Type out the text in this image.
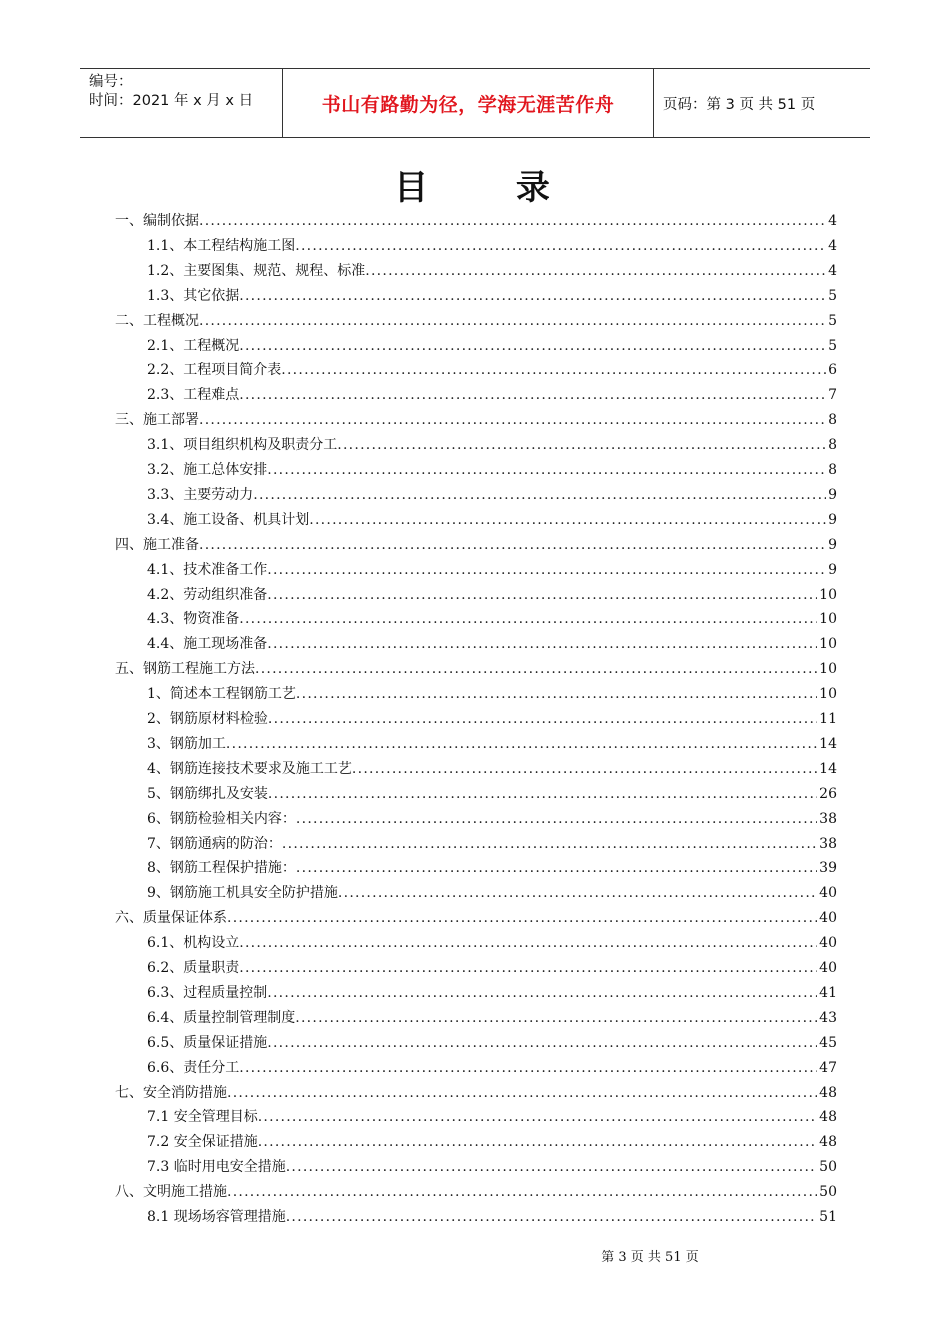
编号：
时间：2021 年 x 月 x 日	书山有路勤为径，学海无涯苦作舟	页码：第 3 页 共 51 页
目 录
一、编制依据 . . .	4
1.1、本工程结构施工图 . . .	4
1.2、主要图集、规范、规程、标准 . . .	4
1.3、其它依据 . . .	5
二、工程概况 . . .	5
2.1、工程概况 . . .	5
2.2、工程项目简介表 . . .	6
2.3、工程难点 . . .	7
三、施工部署 . . .	8
3.1、项目组织机构及职责分工 . . .	8
3.2、施工总体安排 . . .	8
3.3、主要劳动力 . . .	9
3.4、施工设备、机具计划 . . .	9
四、施工准备 . . .	9
4.1、技术准备工作 . . .	9
4.2、劳动组织准备 . . .	10
4.3、物资准备 . . .	10
4.4、施工现场准备 . . .	10
五、钢筋工程施工方法 . . .	10
1、简述本工程钢筋工艺 . . .	10
2、钢筋原材料检验 . . .	11
3、钢筋加工 . . .	14
4、钢筋连接技术要求及施工工艺 . . .	14
5、钢筋绑扎及安装 . . .	26
6、钢筋检验相关内容： . . .	38
7、钢筋通病的防治： . . .	38
8、钢筋工程保护措施： . . .	39
9、钢筋施工机具安全防护措施 . . .	40
六、质量保证体系 . . .	40
6.1、机构设立 . . .	40
6.2、质量职责 . . .	40
6.3、过程质量控制 . . .	41
6.4、质量控制管理制度 . . .	43
6.5、质量保证措施 . . .	45
6.6、责任分工 . . .	47
七、安全消防措施 . . .	48
7.1 安全管理目标 . . .	48
7.2 安全保证措施 . . .	48
7.3 临时用电安全措施 . . .	50
八、文明施工措施 . . .	50
8.1 现场场容管理措施 . . .	51
第 3 页 共 51 页
